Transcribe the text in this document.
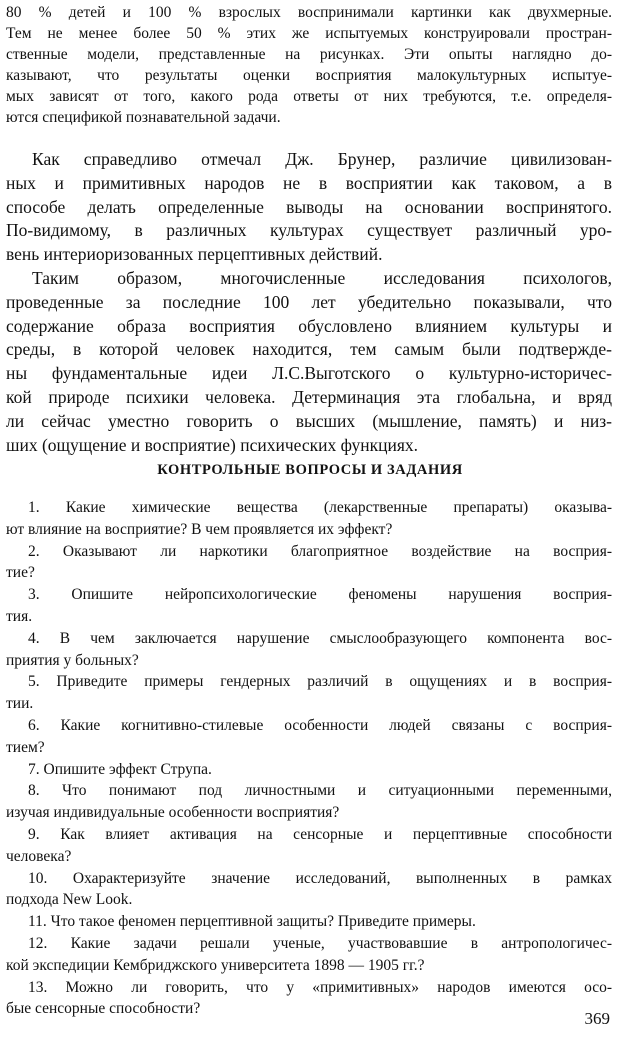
80 % детей и 100 % взрослых воспринимали картинки как двухмерные.
Тем не менее более 50 % этих же испытуемых конструировали простран-
ственные модели, представленные на рисунках. Эти опыты наглядно до-
казывают, что результаты оценки восприятия малокультурных испытуе-
мых зависят от того, какого рода ответы от них требуются, т.е. определя-
ются спецификой познавательной задачи.
Как справедливо отмечал Дж. Брунер, различие цивилизован-
ных и примитивных народов не в восприятии как таковом, а в
способе делать определенные выводы на основании воспринятого.
По-видимому, в различных культурах существует различный уро-
вень интериоризованных перцептивных действий.
Таким образом, многочисленные исследования психологов,
проведенные за последние 100 лет убедительно показывали, что
содержание образа восприятия обусловлено влиянием культуры и
среды, в которой человек находится, тем самым были подтвержде-
ны фундаментальные идеи Л.С.Выготского о культурно-историчес-
кой природе психики человека. Детерминация эта глобальна, и вряд
ли сейчас уместно говорить о высших (мышление, память) и низ-
ших (ощущение и восприятие) психических функциях.
КОНТРОЛЬНЫЕ ВОПРОСЫ И ЗАДАНИЯ
1. Какие химические вещества (лекарственные препараты) оказыва-
ют влияние на восприятие? В чем проявляется их эффект?
2. Оказывают ли наркотики благоприятное воздействие на восприя-
тие?
3. Опишите нейропсихологические феномены нарушения восприя-
тия.
4. В чем заключается нарушение смыслообразующего компонента вос-
приятия у больных?
5. Приведите примеры гендерных различий в ощущениях и в восприя-
тии.
6. Какие когнитивно-стилевые особенности людей связаны с восприя-
тием?
7. Опишите эффект Струпа.
8. Что понимают под личностными и ситуационными переменными,
изучая индивидуальные особенности восприятия?
9. Как влияет активация на сенсорные и перцептивные способности
человека?
10. Охарактеризуйте значение исследований, выполненных в рамках
подхода New Look.
11. Что такое феномен перцептивной защиты? Приведите примеры.
12. Какие задачи решали ученые, участвовавшие в антропологичес-
кой экспедиции Кембриджского университета 1898 — 1905 гг.?
13. Можно ли говорить, что у «примитивных» народов имеются осо-
бые сенсорные способности?
369
